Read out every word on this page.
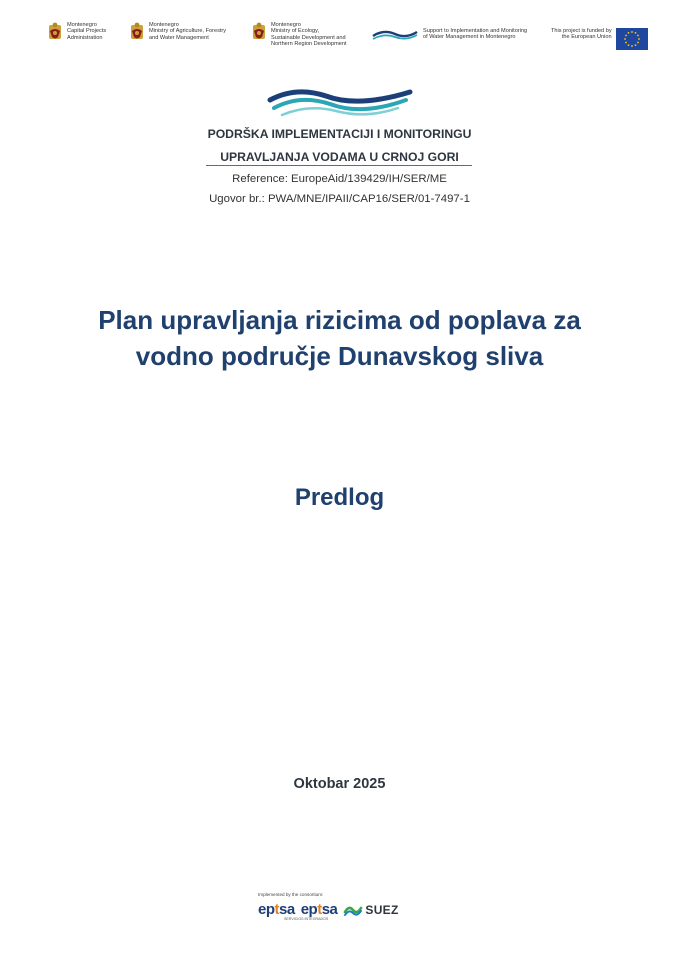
Montenegro
Capital Projects
Administration
Montenegro
Ministry of Agriculture, Forestry
and Water Management
Montenegro
Ministry of Ecology,
Sustainable Development and
Northern Region Development
Support to Implementation and Monitoring
of Water Management in Montenegro
This project is funded by
the European Union
PODRŠKA IMPLEMENTACIJI I MONITORINGU
UPRAVLJANJA VODAMA U CRNOJ GORI
Reference: EuropeAid/139429/IH/SER/ME
Ugovor br.: PWA/MNE/IPAII/CAP16/SER/01-7497-1
Plan upravljanja rizicima od poplava za
vodno područje Dunavskog sliva
Predlog
Oktobar 2025
Implemented by the consortium:
eptsa eptsa SUEZ
SERVICIOS INTEGRADOS
